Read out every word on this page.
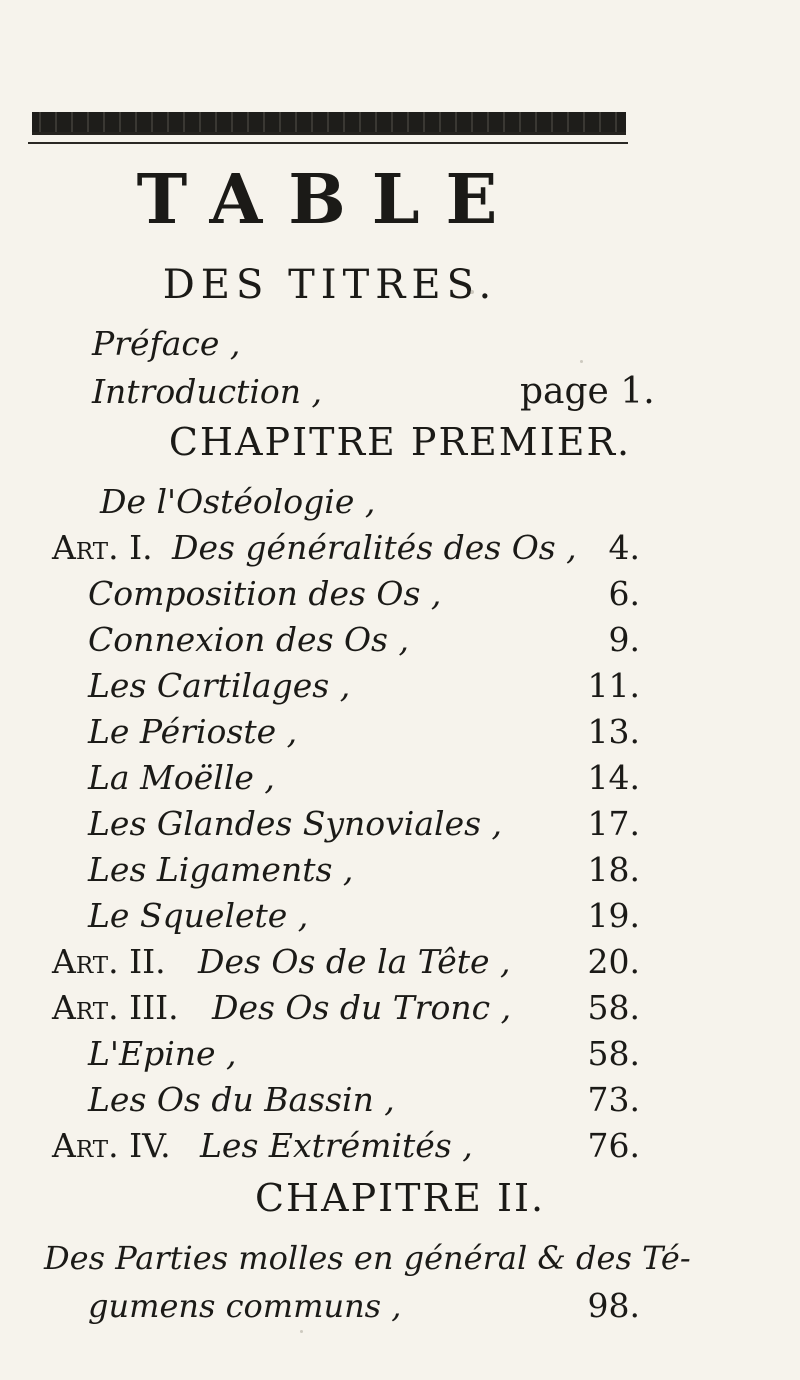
TABLE
DES TITRES.
Préface ,
Introduction ,	page 1.
CHAPITRE PREMIER.
De l'Ostéologie ,
Art. I. Des généralités des Os , 4.
Composition des Os ,	6.
Connexion des Os ,	9.
Les Cartilages ,	11.
Le Périoste ,	13.
La Moëlle ,	14.
Les Glandes Synoviales ,	17.
Les Ligaments ,	18.
Le Squelete ,	19.
Art. II. Des Os de la Tête ,	20.
Art. III. Des Os du Tronc ,	58.
L'Epine ,	58.
Les Os du Bassin ,	73.
Art. IV. Les Extrémités ,	76.
CHAPITRE II.
Des Parties molles en général & des Té-
gumens communs ,	98.
